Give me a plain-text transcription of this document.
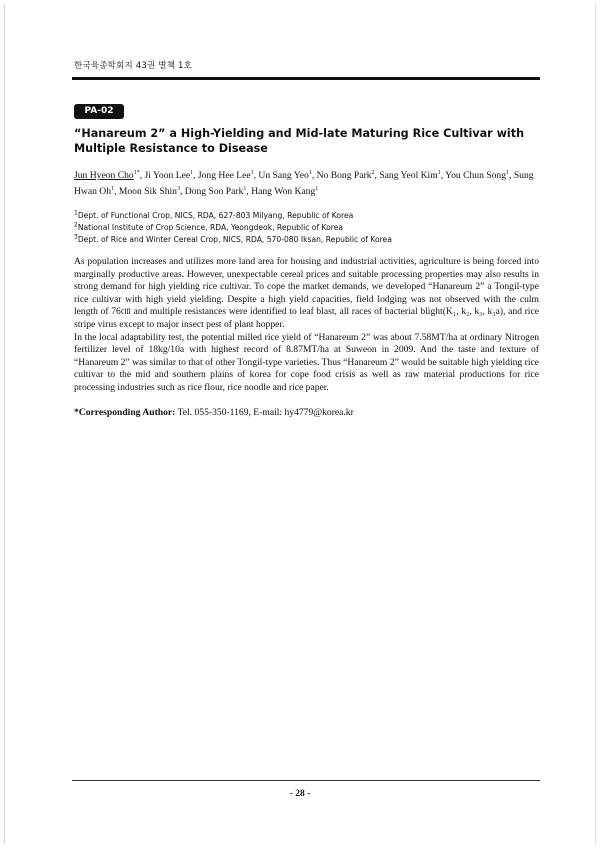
한국육종학회지 43권 별책 1호
PA-02
“Hanareum 2” a High-Yielding and Mid-late Maturing Rice Cultivar with Multiple Resistance to Disease
Jun Hyeon Cho$^{1*}$, Ji Yoon Lee$^1$, Jong Hee Lee$^1$, Un Sang Yeo$^1$, No Bong Park$^2$, Sang Yeol Kim$^1$, You Chun Song$^1$, Sung Hwan Oh$^1$, Moon Sik Shin$^3$, Dong Soo Park$^1$, Hang Won Kang$^1$
$^1$Dept. of Functional Crop, NICS, RDA, 627-803 Milyang, Republic of Korea
$^2$National Institute of Crop Science, RDA, Yeongdeok, Republic of Korea
$^3$Dept. of Rice and Winter Cereal Crop, NICS, RDA, 570-080 Iksan, Republic of Korea

As population increases and utilizes more land area for housing and industrial activities, agriculture is being forced into marginally productive areas. However, unexpectable cereal prices and suitable processing properties may also results in strong demand for high yielding rice cultivar. To cope the market demands, we developed “Hanareum 2” a Tongil-type rice cultivar with high yield yielding. Despite a high yield capacities, field lodging was not observed with the culm length of 76㎝ and multiple resistances were identified to leaf blast, all races of bacterial blight(K₁, k₂, k₃, k₃a), and rice stripe virus except to major insect pest of plant hopper.

In the local adaptability test, the potential milled rice yield of “Hanareum 2” was about 7.58MT/ha at ordinary Nitrogen fertilizer level of 18kg/10a with highest record of 8.87MT/ha at Suweon in 2009. And the taste and texture of “Hanareum 2” was similar to that of other Tongil-type varieties. Thus “Hanareum 2” would be suitable high yielding rice cultivar to the mid and southern plains of korea for cope food crisis as well as raw material productions for rice processing industries such as rice flour, rice noodle and rice paper.

*Corresponding Author: Tel. 055-350-1169, E-mail: hy4779@korea.kr
- 28 -
